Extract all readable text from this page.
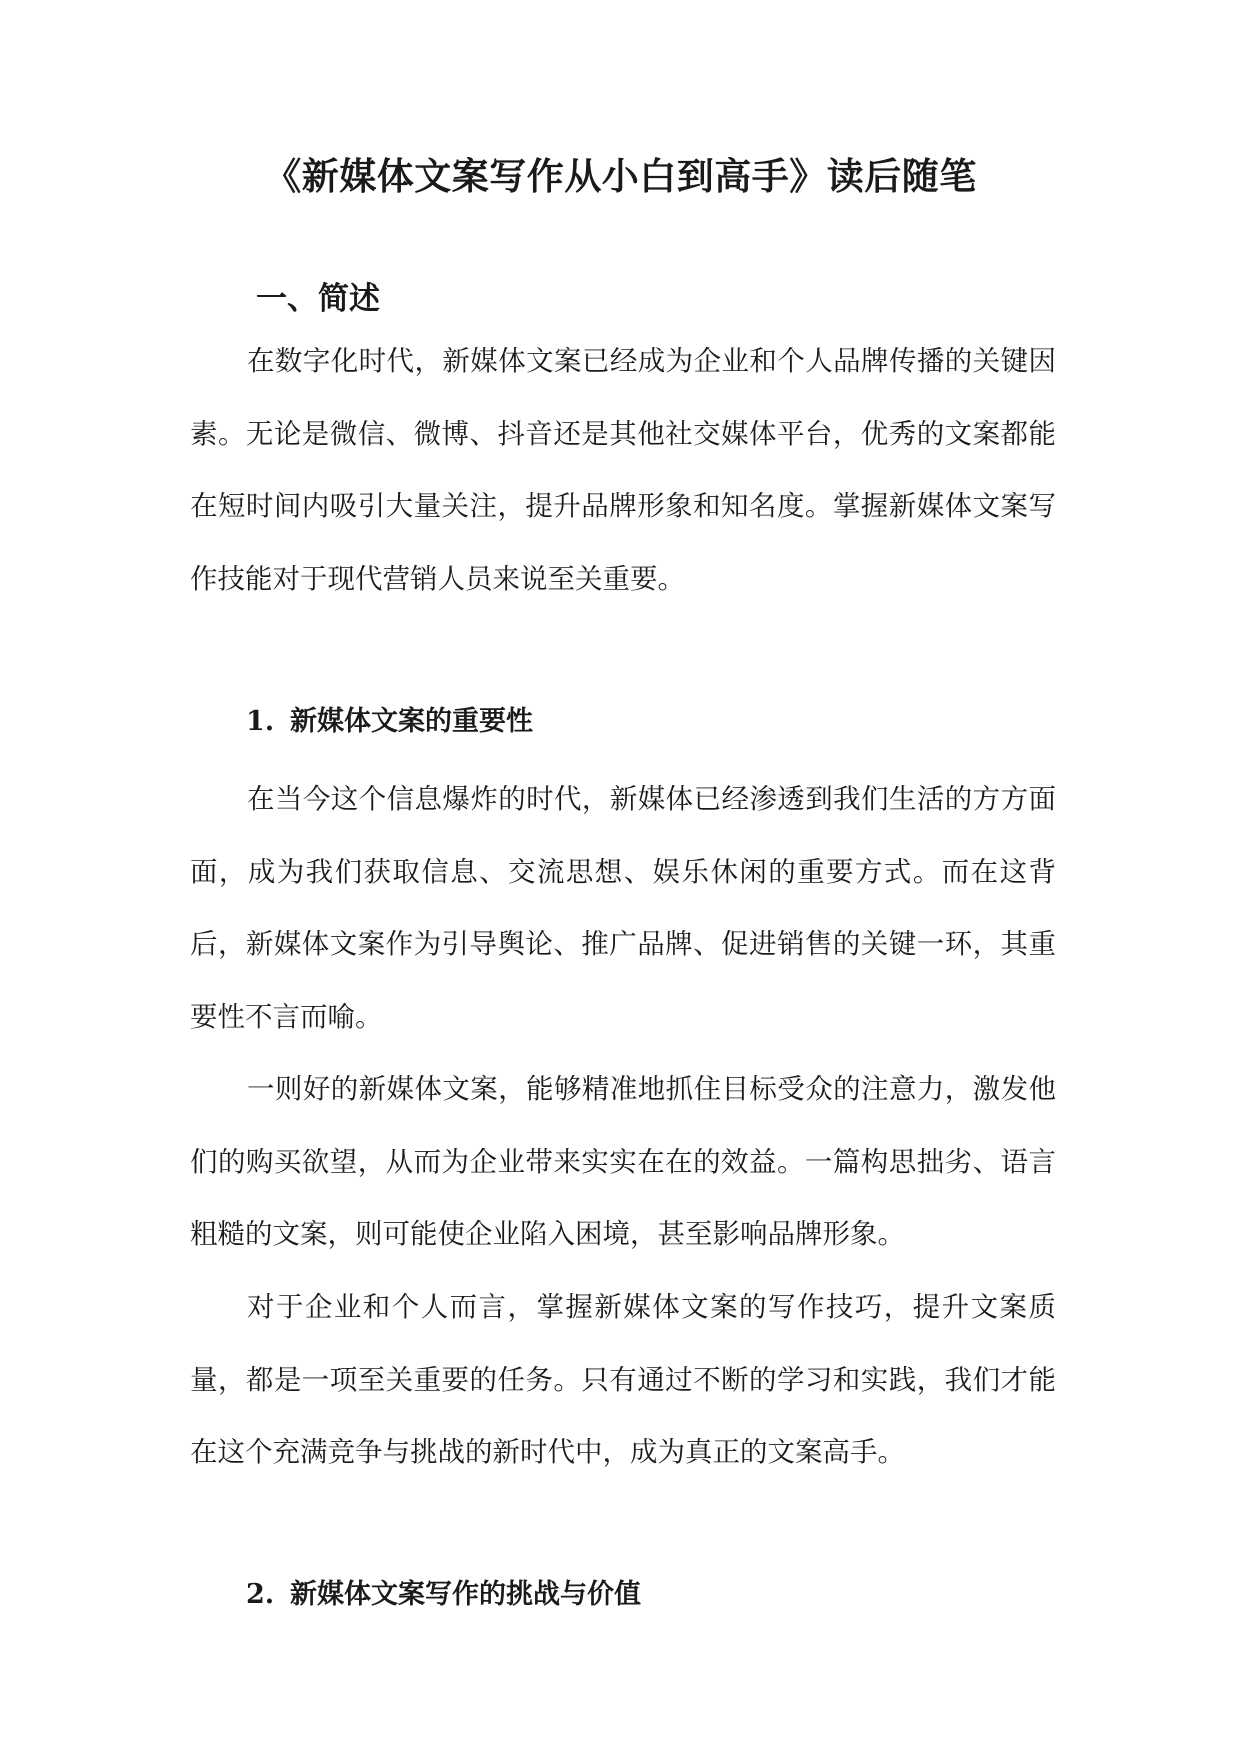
《新媒体文案写作从小白到高手》读后随笔
一、简述

在数字化时代，新媒体文案已经成为企业和个人品牌传播的关键因素。无论是微信、微博、抖音还是其他社交媒体平台，优秀的文案都能在短时间内吸引大量关注，提升品牌形象和知名度。掌握新媒体文案写作技能对于现代营销人员来说至关重要。

1. 新媒体文案的重要性

在当今这个信息爆炸的时代，新媒体已经渗透到我们生活的方方面面，成为我们获取信息、交流思想、娱乐休闲的重要方式。而在这背后，新媒体文案作为引导舆论、推广品牌、促进销售的关键一环，其重要性不言而喻。

一则好的新媒体文案，能够精准地抓住目标受众的注意力，激发他们的购买欲望，从而为企业带来实实在在的效益。一篇构思拙劣、语言粗糙的文案，则可能使企业陷入困境，甚至影响品牌形象。

对于企业和个人而言，掌握新媒体文案的写作技巧，提升文案质量，都是一项至关重要的任务。只有通过不断的学习和实践，我们才能在这个充满竞争与挑战的新时代中，成为真正的文案高手。

2. 新媒体文案写作的挑战与价值
